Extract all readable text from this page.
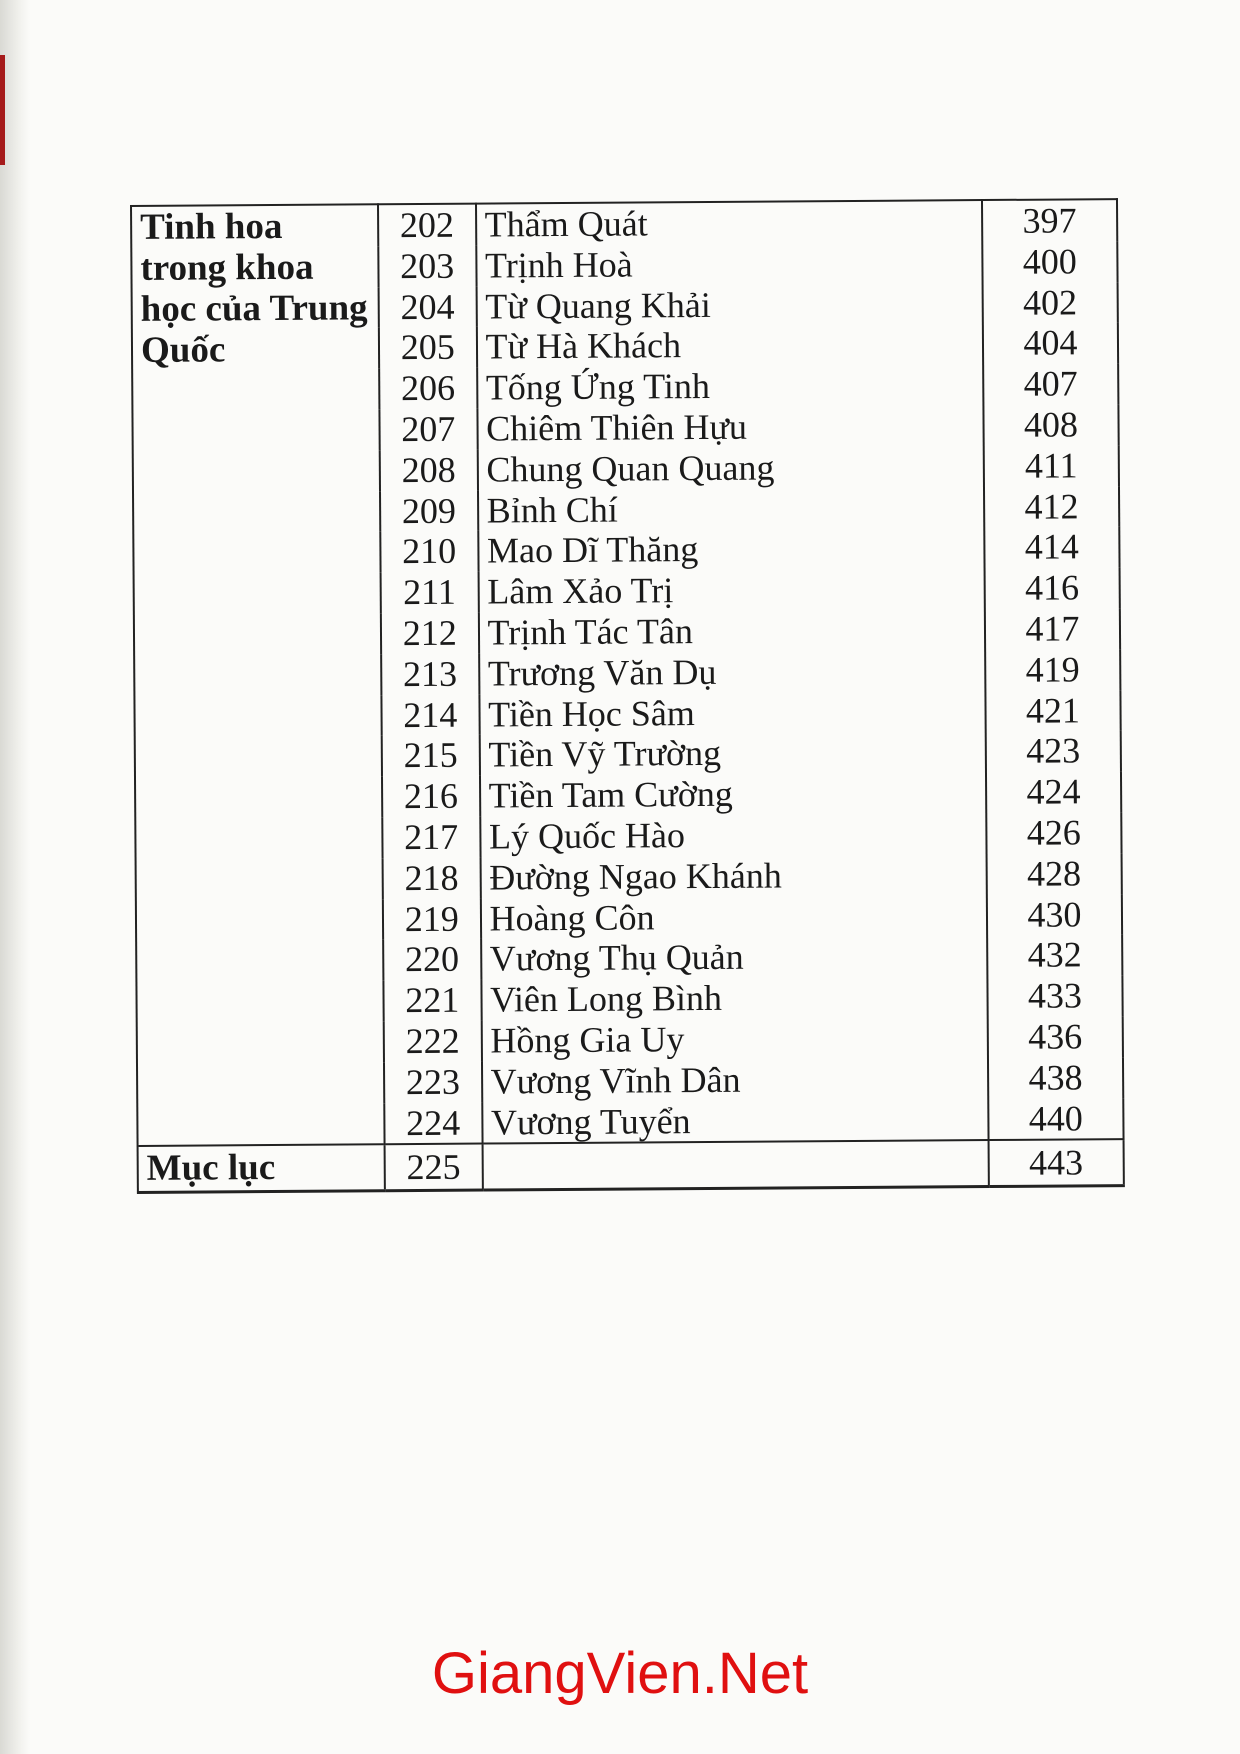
Tinh hoa trong khoa học của Trung Quốc	202	Thẩm Quát	397
	203	Trịnh Hoà	400
	204	Từ Quang Khải	402
	205	Từ Hà Khách	404
	206	Tống Ứng Tinh	407
	207	Chiêm Thiên Hựu	408
	208	Chung Quan Quang	411
	209	Bỉnh Chí	412
	210	Mao Dĩ Thăng	414
	211	Lâm Xảo Trị	416
	212	Trịnh Tác Tân	417
	213	Trương Văn Dụ	419
	214	Tiền Học Sâm	421
	215	Tiền Vỹ Trường	423
	216	Tiền Tam Cường	424
	217	Lý Quốc Hào	426
	218	Đường Ngao Khánh	428
	219	Hoàng Côn	430
	220	Vương Thụ Quản	432
	221	Viên Long Bình	433
	222	Hồng Gia Uy	436
	223	Vương Vĩnh Dân	438
	224	Vương Tuyển	440
Mục lục	225		443
GiangVien.Net
